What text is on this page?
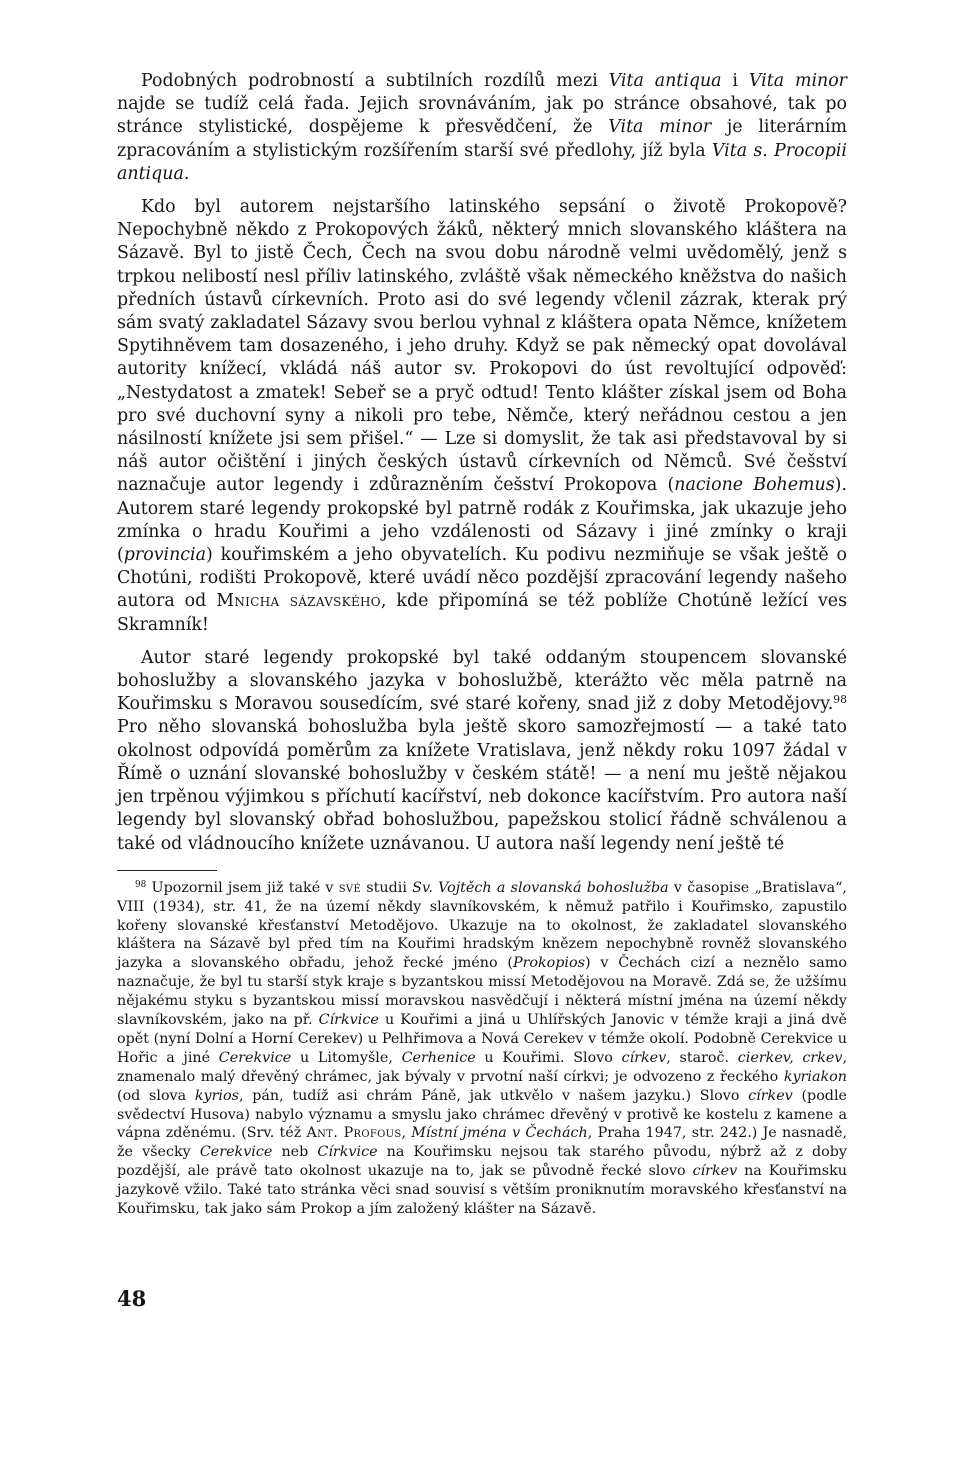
Podobných podrobností a subtilních rozdílů mezi Vita antiqua i Vita minor najde se tudíž celá řada. Jejich srovnáváním, jak po stránce obsahové, tak po stránce stylistické, dospějeme k přesvědčení, že Vita minor je literárním zpracováním a stylistickým rozšířením starší své předlohy, jíž byla Vita s. Procopii antiqua.

Kdo byl autorem nejstaršího latinského sepsání o životě Prokopově? Nepochybně někdo z Prokopových žáků, některý mnich slovanského kláštera na Sázavě. Byl to jistě Čech, Čech na svou dobu národně velmi uvědomělý, jenž s trpkou nelibostí nesl příliv latinského, zvláště však německého kněžstva do našich předních ústavů církevních. Proto asi do své legendy včlenil zázrak, kterak prý sám svatý zakladatel Sázavy svou berlou vyhnal z kláštera opata Němce, knížetem Spytihněvem tam dosazeného, i jeho druhy. Když se pak německý opat dovolával autority knížecí, vkládá náš autor sv. Prokopovi do úst revoltující odpověď: „Nestydatost a zmatek! Sebeř se a pryč odtud! Tento klášter získal jsem od Boha pro své duchovní syny a nikoli pro tebe, Němče, který neřádnou cestou a jen násilností knížete jsi sem přišel.“ — Lze si domyslit, že tak asi představoval by si náš autor očištění i jiných českých ústavů církevních od Němců. Své češství naznačuje autor legendy i zdůrazněním češství Prokopova (nacione Bohemus). Autorem staré legendy prokopské byl patrně rodák z Kouřimska, jak ukazuje jeho zmínka o hradu Kouřimi a jeho vzdálenosti od Sázavy i jiné zmínky o kraji (provincia) kouřimském a jeho obyvatelích. Ku podivu nezmiňuje se však ještě o Chotúni, rodišti Prokopově, které uvádí něco pozdější zpracování legendy našeho autora od Mnicha sázavského, kde připomíná se též poblíže Chotúně ležící ves Skramník!

Autor staré legendy prokopské byl také oddaným stoupencem slovanské bohoslužby a slovanského jazyka v bohoslužbě, kterážto věc měla patrně na Kouřimsku s Moravou sousedícím, své staré kořeny, snad již z doby Metodějovy.$^{98}$ Pro něho slovanská bohoslužba byla ještě skoro samozřejmostí — a také tato okolnost odpovídá poměrům za knížete Vratislava, jenž někdy roku 1097 žádal v Římě o uznání slovanské bohoslužby v českém státě! — a není mu ještě nějakou jen trpěnou výjimkou s příchutí kacířství, neb dokonce kacířstvím. Pro autora naší legendy byl slovanský obřad bohoslužbou, papežskou stolicí řádně schválenou a také od vládnoucího knížete uznávanou. U autora naší legendy není ještě té

$^{98}$ Upozornil jsem již také v své studii Sv. Vojtěch a slovanská bohoslužba v časopise „Bratislava“, VIII (1934), str. 41, že na území někdy slavníkovském, k němuž patřilo i Kouřimsko, zapustilo kořeny slovanské křesťanství Metodějovo. Ukazuje na to okolnost, že zakladatel slovanského kláštera na Sázavě byl před tím na Kouřimi hradským knězem nepochybně rovněž slovanského jazyka a slovanského obřadu, jehož řecké jméno (Prokopios) v Čechách cizí a neznělo samo naznačuje, že byl tu starší styk kraje s byzantskou missí Metodějovou na Moravě. Zdá se, že užšímu nějakému styku s byzantskou missí moravskou nasvědčují i některá místní jména na území někdy slavníkovském, jako na př. Církvice u Kouřimi a jiná u Uhlířských Janovic v témže kraji a jiná dvě opět (nyní Dolní a Horní Cerekev) u Pelhřimova a Nová Cerekev v témže okolí. Podobně Cerekvice u Hořic a jiné Cerekvice u Litomyšle, Cerhenice u Kouřimi. Slovo církev, staroč. cierkev, crkev, znamenalo malý dřevěný chrámec, jak bývaly v prvotní naší církvi; je odvozeno z řeckého kyriakon (od slova kyrios, pán, tudíž asi chrám Páně, jak utkvělo v našem jazyku.) Slovo církev (podle svědectví Husova) nabylo významu a smyslu jako chrámec dřevěný v protivě ke kostelu z kamene a vápna zděnému. (Srv. též Ant. Profous, Místní jména v Čechách, Praha 1947, str. 242.) Je nasnadě, že všecky Cerekvice neb Církvice na Kouřimsku nejsou tak starého původu, nýbrž až z doby pozdější, ale právě tato okolnost ukazuje na to, jak se původně řecké slovo církev na Kouřimsku jazykově vžilo. Také tato stránka věci snad souvisí s větším proniknutím moravského křesťanství na Kouřimsku, tak jako sám Prokop a jím založený klášter na Sázavě.

48
